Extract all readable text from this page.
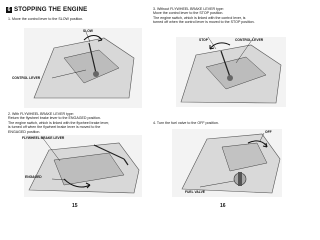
6 STOPPING THE ENGINE
1. Move the control lever to the SLOW position.
SLOW
CONTROL LEVER
2. With FLYWHEEL BRAKE LEVER type:
Return the flywheel brake lever to the ENGAGED position.
The engine switch, which is linked with the flywheel brake lever,
is turned off when the flywheel brake lever is moved to the
ENGAGED position.
FLYWHEEL BRAKE LEVER
ENGAGED
15
3. Without FLYWHEEL BRAKE LEVER type:
Move the control lever to the STOP position.
The engine switch, which is linked with the control lever, is
turned off when the control lever is moved to the STOP position.
STOP	CONTROL LEVER
4. Turn the fuel valve to the OFF position.
OFF
FUEL VALVE
16
